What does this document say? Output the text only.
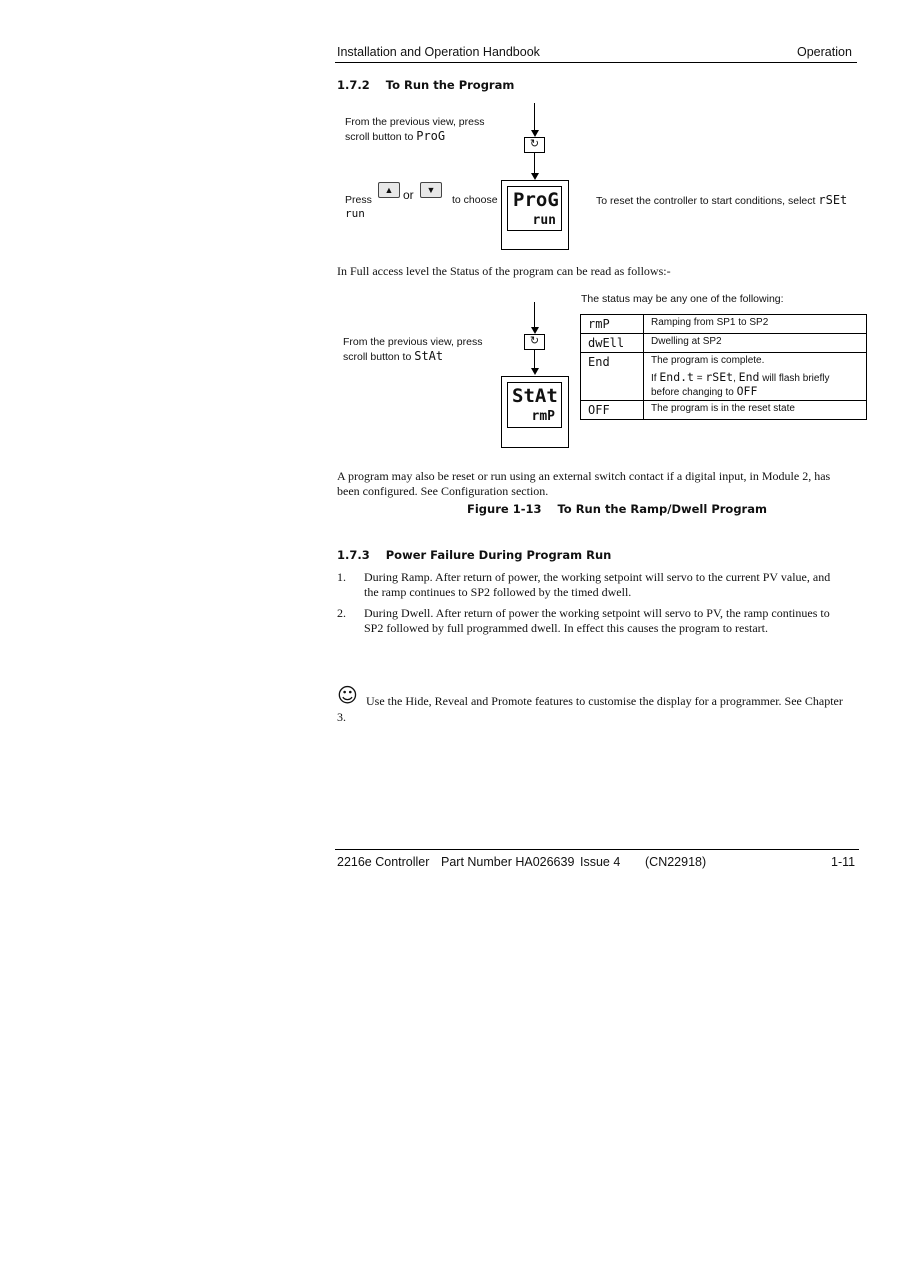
Installation and Operation Handbook	Operation
1.7.2    To Run the Program
From the previous view, press
scroll button to ProG
↻
Press
run
▲ or	▼
to choose ProG
run
To reset the controller to start conditions, select rSEt
In Full access level the Status of the program can be read as follows:-
The status may be any one of the following:
From the previous view, press
scroll button to StAt
↻
StAt
rmP
rmP	Ramping from SP1 to SP2
dwEll	Dwelling at SP2
End	The program is complete.
If End.t = rSEt, End will flash briefly
before changing to OFF

OFF	The program is in the reset state
A program may also be reset or run using an external switch contact if a digital input, in Module 2, has
been configured. See Configuration section.
Figure 1-13    To Run the Ramp/Dwell Program
1.7.3    Power Failure During Program Run
1.	During Ramp. After return of power, the working setpoint will servo to the current PV value, and
the ramp continues to SP2 followed by the timed dwell.
2.	During Dwell. After return of power the working setpoint will servo to PV, the ramp continues to
SP2 followed by full programmed dwell. In effect this causes the program to restart.
☺ Use the Hide, Reveal and Promote features to customise the display for a programmer. See Chapter
3.
2216e Controller Part Number HA026639 Issue 4 (CN22918)	1-11
